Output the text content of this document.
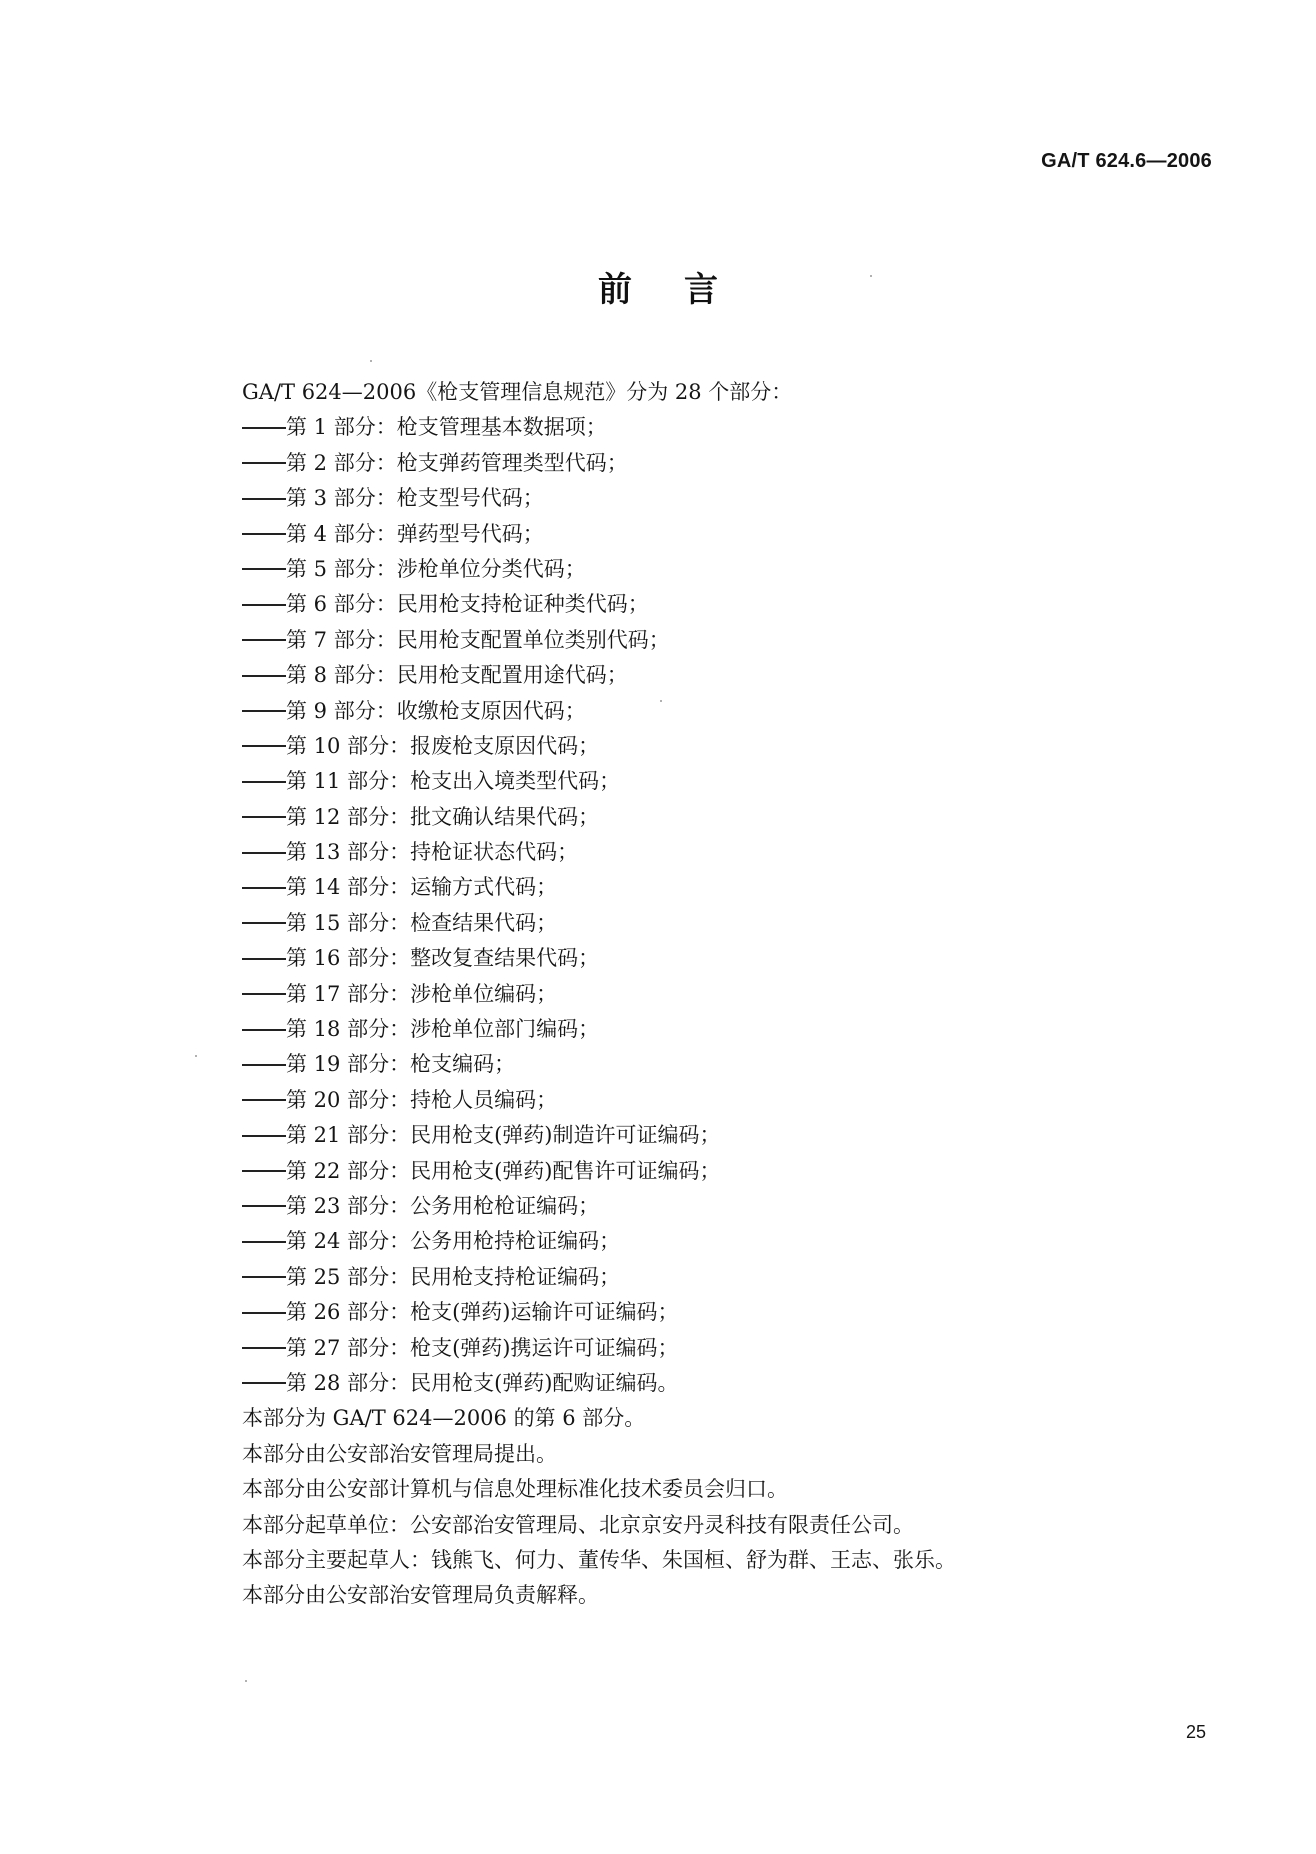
GA/T 624.6—2006
前言
GA/T 624—2006《枪支管理信息规范》分为 28 个部分：
第 1 部分：枪支管理基本数据项；
第 2 部分：枪支弹药管理类型代码；
第 3 部分：枪支型号代码；
第 4 部分：弹药型号代码；
第 5 部分：涉枪单位分类代码；
第 6 部分：民用枪支持枪证种类代码；
第 7 部分：民用枪支配置单位类别代码；
第 8 部分：民用枪支配置用途代码；
第 9 部分：收缴枪支原因代码；
第 10 部分：报废枪支原因代码；
第 11 部分：枪支出入境类型代码；
第 12 部分：批文确认结果代码；
第 13 部分：持枪证状态代码；
第 14 部分：运输方式代码；
第 15 部分：检查结果代码；
第 16 部分：整改复查结果代码；
第 17 部分：涉枪单位编码；
第 18 部分：涉枪单位部门编码；
第 19 部分：枪支编码；
第 20 部分：持枪人员编码；
第 21 部分：民用枪支(弹药)制造许可证编码；
第 22 部分：民用枪支(弹药)配售许可证编码；
第 23 部分：公务用枪枪证编码；
第 24 部分：公务用枪持枪证编码；
第 25 部分：民用枪支持枪证编码；
第 26 部分：枪支(弹药)运输许可证编码；
第 27 部分：枪支(弹药)携运许可证编码；
第 28 部分：民用枪支(弹药)配购证编码。
本部分为 GA/T 624—2006 的第 6 部分。
本部分由公安部治安管理局提出。
本部分由公安部计算机与信息处理标准化技术委员会归口。
本部分起草单位：公安部治安管理局、北京京安丹灵科技有限责任公司。
本部分主要起草人：钱熊飞、何力、董传华、朱国桓、舒为群、王志、张乐。
本部分由公安部治安管理局负责解释。
25
